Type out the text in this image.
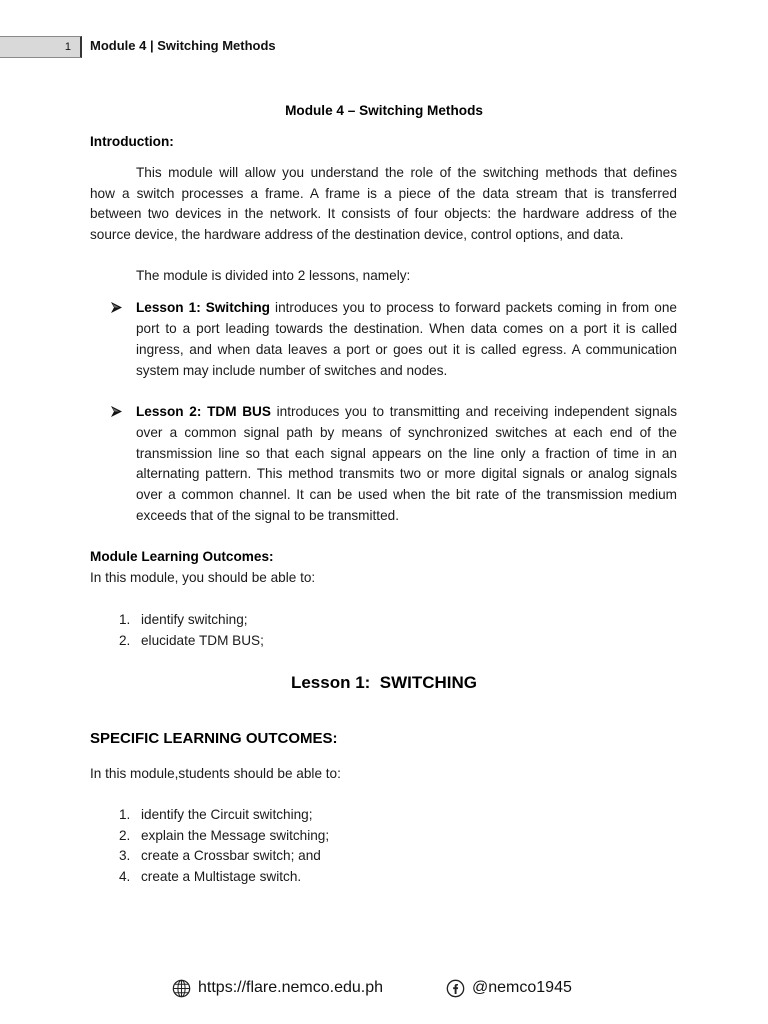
1 Module 4 | Switching Methods
Module 4 – Switching Methods
Introduction:
This module will allow you understand the role of the switching methods that defines
how a switch processes a frame. A frame is a piece of the data stream that is transferred
between two devices in the network. It consists of four objects: the hardware address of the
source device, the hardware address of the destination device, control options, and data.
The module is divided into 2 lessons, namely:
Lesson 1: Switching introduces you to process to forward packets coming in from one
port to a port leading towards the destination. When data comes on a port it is called
ingress, and when data leaves a port or goes out it is called egress. A communication
system may include number of switches and nodes.
Lesson 2: TDM BUS introduces you to transmitting and receiving independent signals
over a common signal path by means of synchronized switches at each end of the
transmission line so that each signal appears on the line only a fraction of time in an
alternating pattern. This method transmits two or more digital signals or analog signals
over a common channel. It can be used when the bit rate of the transmission medium
exceeds that of the signal to be transmitted.
Module Learning Outcomes:
In this module, you should be able to:
1. identify switching;
2. elucidate TDM BUS;
Lesson 1:  SWITCHING
SPECIFIC LEARNING OUTCOMES:
In this module,students should be able to:
1. identify the Circuit switching;
2. explain the Message switching;
3. create a Crossbar switch; and
4. create a Multistage switch.
https://flare.nemco.edu.ph	@nemco1945
